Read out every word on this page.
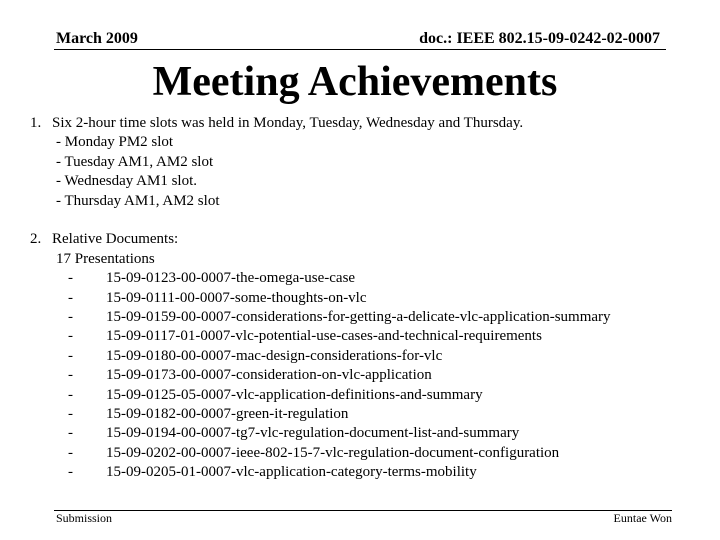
March 2009	doc.: IEEE 802.15-09-0242-02-0007
Meeting Achievements
1. Six 2-hour time slots was held in Monday, Tuesday, Wednesday and Thursday.
- Monday PM2 slot
- Tuesday AM1, AM2 slot
- Wednesday AM1 slot.
- Thursday AM1, AM2 slot
2. Relative Documents:
17 Presentations
- 15-09-0123-00-0007-the-omega-use-case
- 15-09-0111-00-0007-some-thoughts-on-vlc
- 15-09-0159-00-0007-considerations-for-getting-a-delicate-vlc-application-summary
- 15-09-0117-01-0007-vlc-potential-use-cases-and-technical-requirements
- 15-09-0180-00-0007-mac-design-considerations-for-vlc
- 15-09-0173-00-0007-consideration-on-vlc-application
- 15-09-0125-05-0007-vlc-application-definitions-and-summary
- 15-09-0182-00-0007-green-it-regulation
- 15-09-0194-00-0007-tg7-vlc-regulation-document-list-and-summary
- 15-09-0202-00-0007-ieee-802-15-7-vlc-regulation-document-configuration
- 15-09-0205-01-0007-vlc-application-category-terms-mobility
Submission	Euntae Won
